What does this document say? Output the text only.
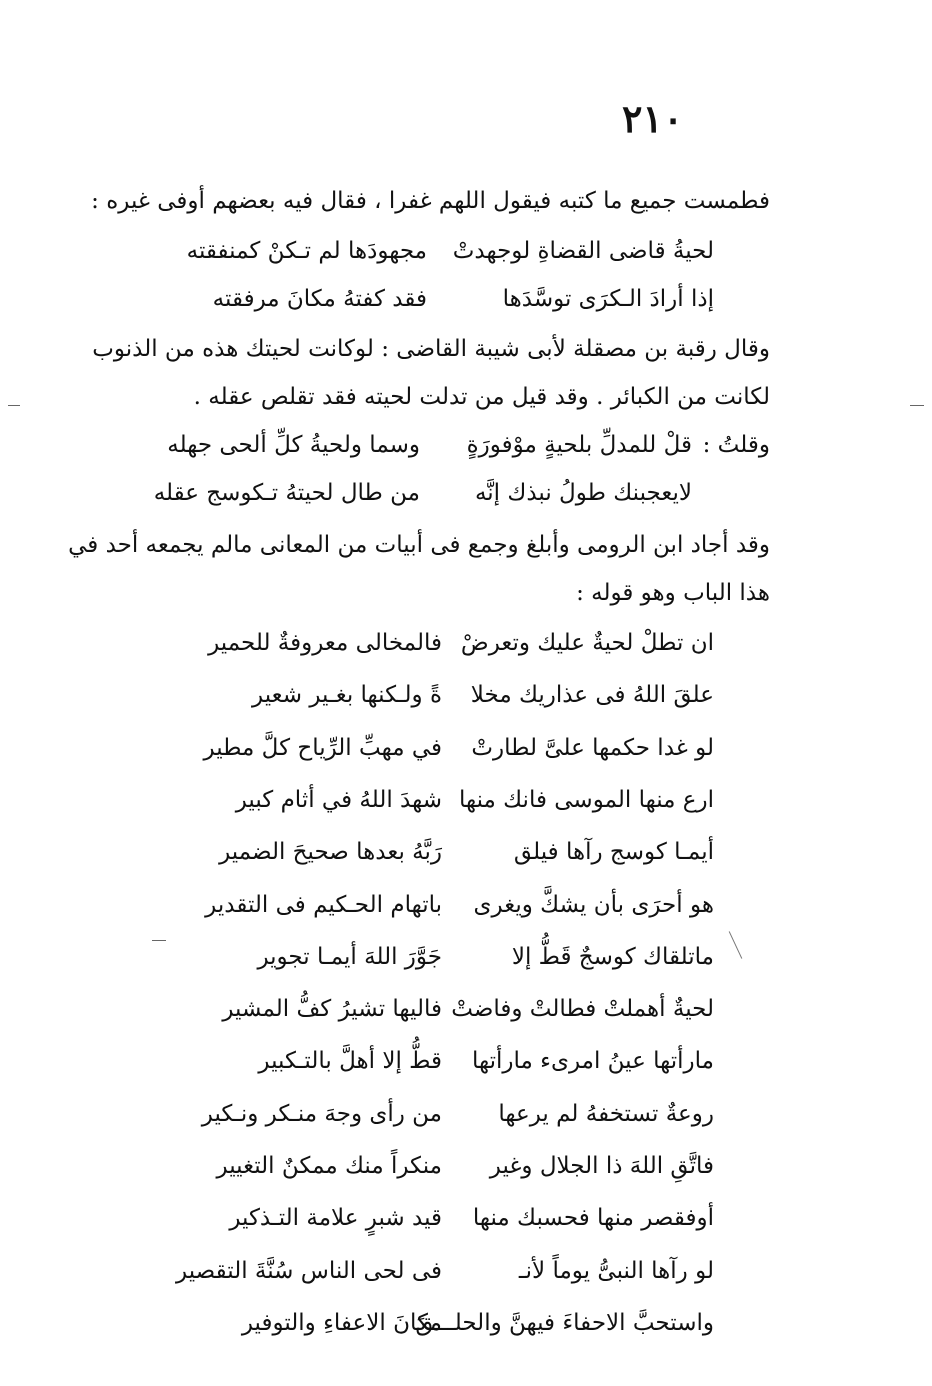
٢١٠
فطمست جميع ما كتبه فيقول اللهم غفرا ، فقال فيه بعضهم أوفى غيره :
لحيةُ قاضى القضاةِ لوجهدتْ
مجهودَها لم تـكنْ كمنفقته
إذا أرادَ الـكرَى توسَّدَها
فقد كفتهُ مكانَ مرفقته
وقال رقبة بن مصقلة لأبى شيبة القاضى : لوكانت لحيتك هذه من الذنوب
لكانت من الكبائر . وقد قيل من تدلت لحيته فقد تقلص عقله .
وقلتُ :
قلْ للمدلِّ بلحيةٍ موْفورَةٍ
وسما ولحيةُ كلِّ ألحى جهله
لايعجبنك طولُ نبذك إنَّه
من طال لحيتهُ تـكوسج عقله
وقد أجاد ابن الرومى وأبلغ وجمع فى أبيات من المعانى مالم يجمعه أحد في
هذا الباب وهو قوله :
ان تطلْ لحيةٌ عليك وتعرضْ
فالمخالى معروفةٌ للحمير
علقَ اللهُ فى عذاريك مخلا
ةً ولـكنها بغـير شعير
لو غدا حكمها علىَّ لطارتْ
في مهبِّ الرِّياح كلَّ مطير
ارع منها الموسى فانك منها
شهدَ اللهُ في أثام كبير
أيمـا كوسج رآها فيلق
رَبَّهُ بعدها صحيحَ الضمير
هو أحرَى بأن يشكَّ ويغرى
باتهام الحـكيم فى التقدير
ماتلقاك كوسجٌ قَطُّ إلا
جَوَّرَ اللهَ أيمـا تجوير
لحيةٌ أهملتْ فطالتْ وفاضتْ
فاليها تشيرُ كفُّ المشير
مارأتها عينُ امرىء مارأتها
قطُّ إلا أهلَّ بالتـكبير
روعةٌ تستخفهُ لم يرعها
من رأى وجهَ منـكر ونـكير
فاتَّقِ اللهَ ذا الجلال وغير
منكراً منك ممكنٌ التغيير
أوفقصر منها فحسبك منها
قيد شبرٍ علامة التـذكير
لو رآها النبىُّ يوماً لأنـ
فى لحى الناس سُنَّةَ التقصير
واستحبَّ الاحفاءَ فيهنَّ والحلـــقَ
مكانَ الاعفاءِ والتوفير
